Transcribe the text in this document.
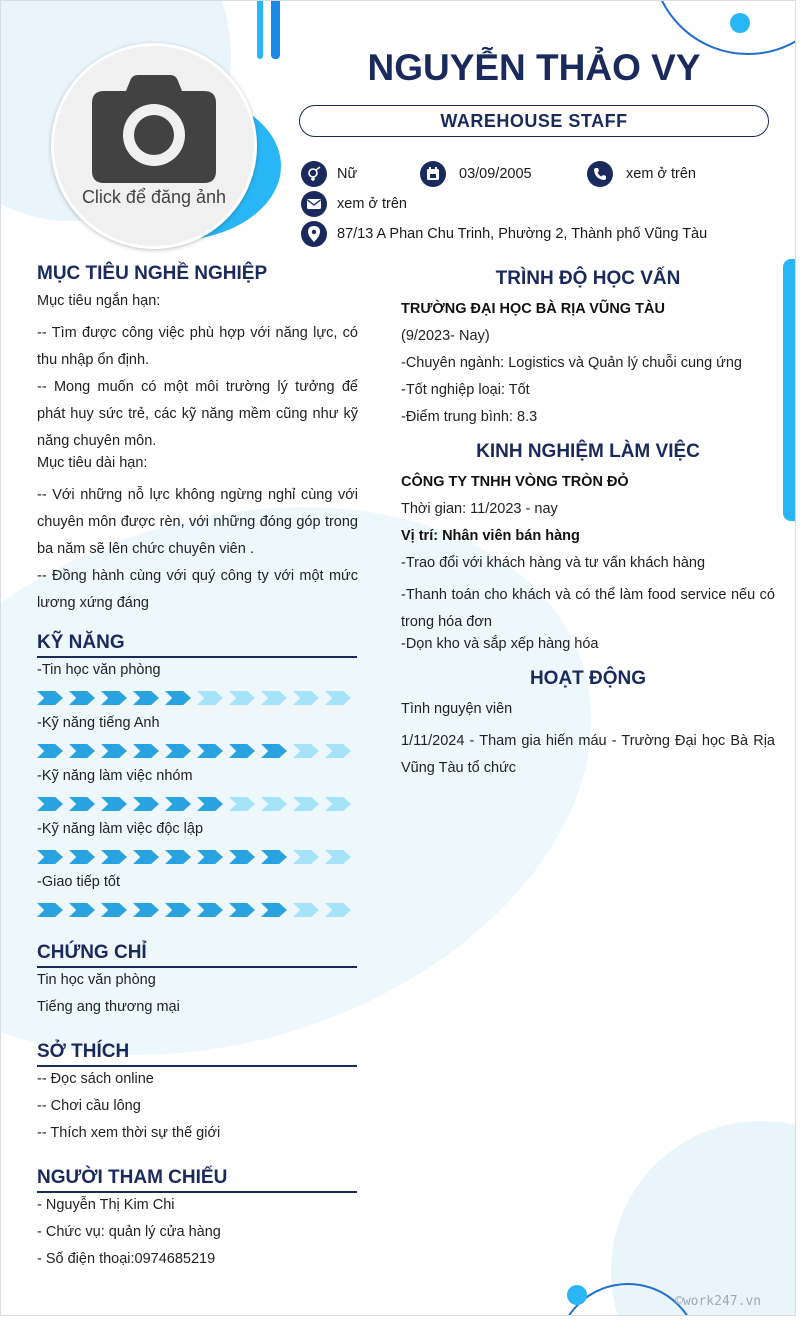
Click để đăng ảnh
NGUYỄN THẢO VY
WAREHOUSE STAFF
Nữ	03/09/2005	xem ở trên
xem ở trên
87/13 A Phan Chu Trinh, Phường 2, Thành phố Vũng Tàu
MỤC TIÊU NGHỀ NGHIỆP
Mục tiêu ngắn hạn:
-- Tìm được công việc phù hợp với năng lực, có thu nhập ổn định.
-- Mong muốn có một môi trường lý tưởng để phát huy sức trẻ, các kỹ năng mềm cũng như kỹ năng chuyên môn.
Mục tiêu dài hạn:
-- Với những nỗ lực không ngừng nghỉ cùng với chuyên môn được rèn, với những đóng góp trong ba năm sẽ lên chức chuyên viên .
-- Đồng hành cùng với quý công ty với một mức lương xứng đáng
KỸ NĂNG
-Tin học văn phòng
-Kỹ năng tiếng Anh
-Kỹ năng làm việc nhóm
-Kỹ năng làm việc độc lập
-Giao tiếp tốt
CHỨNG CHỈ
Tin học văn phòng
Tiếng ang thương mại
SỞ THÍCH
-- Đọc sách online
-- Chơi cầu lông
-- Thích xem thời sự thế giới
NGƯỜI THAM CHIẾU
- Nguyễn Thị Kim Chi
- Chức vụ: quản lý cửa hàng
- Số điện thoại:0974685219
TRÌNH ĐỘ HỌC VẤN
TRƯỜNG ĐẠI HỌC BÀ RỊA VŨNG TÀU
(9/2023- Nay)
-Chuyên ngành: Logistics và Quản lý chuỗi cung ứng
-Tốt nghiệp loại: Tốt
-Điểm trung bình: 8.3
KINH NGHIỆM LÀM VIỆC
CÔNG TY TNHH VÒNG TRÒN ĐỎ
Thời gian: 11/2023 - nay
Vị trí: Nhân viên bán hàng
-Trao đổi với khách hàng và tư vấn khách hàng
-Thanh toán cho khách và có thể làm food service nếu có trong hóa đơn
-Dọn kho và sắp xếp hàng hóa
HOẠT ĐỘNG
Tình nguyện viên
1/11/2024 - Tham gia hiến máu - Trường Đại học Bà Rịa Vũng Tàu tổ chức
©work247.vn
